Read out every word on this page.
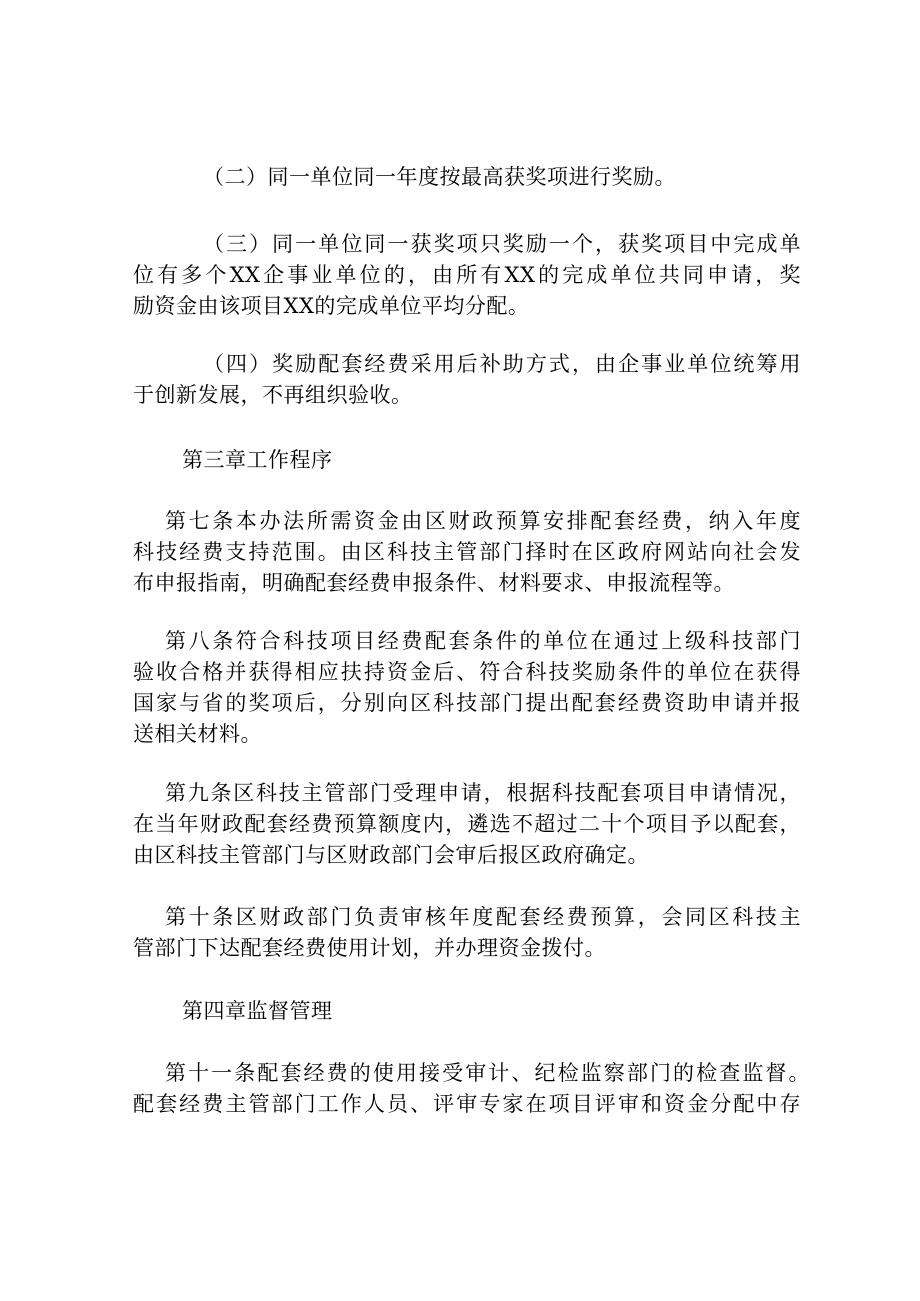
（二）同一单位同一年度按最高获奖项进行奖励。
（三）同一单位同一获奖项只奖励一个，获奖项目中完成单
位有多个XX企事业单位的，由所有XX的完成单位共同申请，奖
励资金由该项目XX的完成单位平均分配。
（四）奖励配套经费采用后补助方式，由企事业单位统筹用
于创新发展，不再组织验收。
第三章工作程序
第七条本办法所需资金由区财政预算安排配套经费，纳入年度
科技经费支持范围。由区科技主管部门择时在区政府网站向社会发
布申报指南，明确配套经费申报条件、材料要求、申报流程等。
第八条符合科技项目经费配套条件的单位在通过上级科技部门
验收合格并获得相应扶持资金后、符合科技奖励条件的单位在获得
国家与省的奖项后，分别向区科技部门提出配套经费资助申请并报
送相关材料。
第九条区科技主管部门受理申请，根据科技配套项目申请情况，
在当年财政配套经费预算额度内，遴选不超过二十个项目予以配套，
由区科技主管部门与区财政部门会审后报区政府确定。
第十条区财政部门负责审核年度配套经费预算，会同区科技主
管部门下达配套经费使用计划，并办理资金拨付。
第四章监督管理
第十一条配套经费的使用接受审计、纪检监察部门的检查监督。
配套经费主管部门工作人员、评审专家在项目评审和资金分配中存
